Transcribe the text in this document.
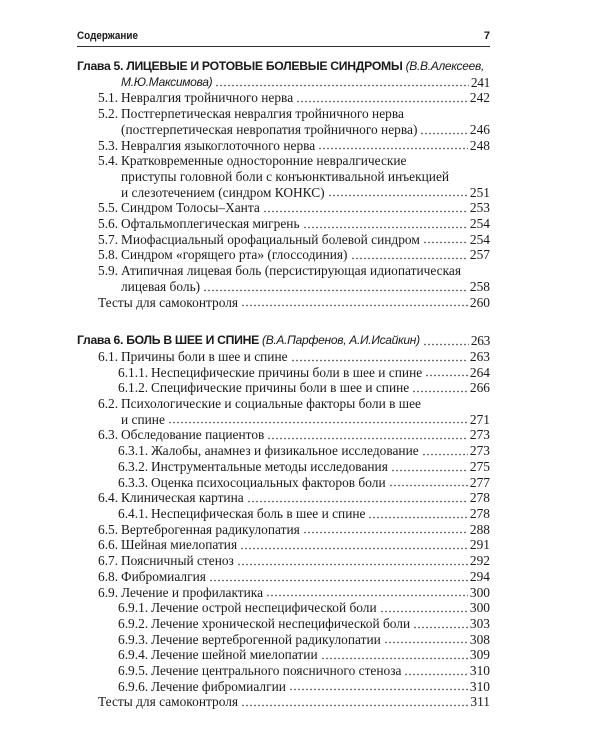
Содержание	7
Глава 5.
ЛИЦЕВЫЕ И РОТОВЫЕ БОЛЕВЫЕ СИНДРОМЫ
(В.В.Алексеев,
М.Ю.Максимова)	241
5.1. Невралгия тройничного нерва	242
5.2. Постгерпетическая невралгия тройничного нерва
(постгерпетическая невропатия тройничного нерва)	246
5.3. Невралгия языкоглоточного нерва	248
5.4. Кратковременные односторонние невралгические
приступы головной боли с конъюнктивальной инъекцией
и слезотечением (синдром КОНКС)	251
5.5. Синдром Толосы–Ханта	253
5.6. Офтальмоплегическая мигрень	254
5.7. Миофасциальный орофациальный болевой синдром	254
5.8. Синдром «горящего рта» (глоссодиния)	257
5.9. Атипичная лицевая боль (персистирующая идиопатическая
лицевая боль)	258
Тесты для самоконтроля	260
Глава 6.
БОЛЬ В ШЕЕ И СПИНЕ
(В.А.Парфенов, А.И.Исайкин)	263
6.1. Причины боли в шее и спине	263
6.1.1. Неспецифические причины боли в шее и спине	264
6.1.2. Специфические причины боли в шее и спине	266
6.2. Психологические и социальные факторы боли в шее
и спине	271
6.3. Обследование пациентов	273
6.3.1. Жалобы, анамнез и физикальное исследование	273
6.3.2. Инструментальные методы исследования	275
6.3.3. Оценка психосоциальных факторов боли	277
6.4. Клиническая картина	278
6.4.1. Неспецифическая боль в шее и спине	278
6.5. Вертеброгенная радикулопатия	288
6.6. Шейная миелопатия	291
6.7. Поясничный стеноз	292
6.8. Фибромиалгия	294
6.9. Лечение и профилактика	300
6.9.1. Лечение острой неспецифической боли	300
6.9.2. Лечение хронической неспецифической боли	303
6.9.3. Лечение вертеброгенной радикулопатии	308
6.9.4. Лечение шейной миелопатии	309
6.9.5. Лечение центрального поясничного стеноза	310
6.9.6. Лечение фибромиалгии	310
Тесты для самоконтроля	311
